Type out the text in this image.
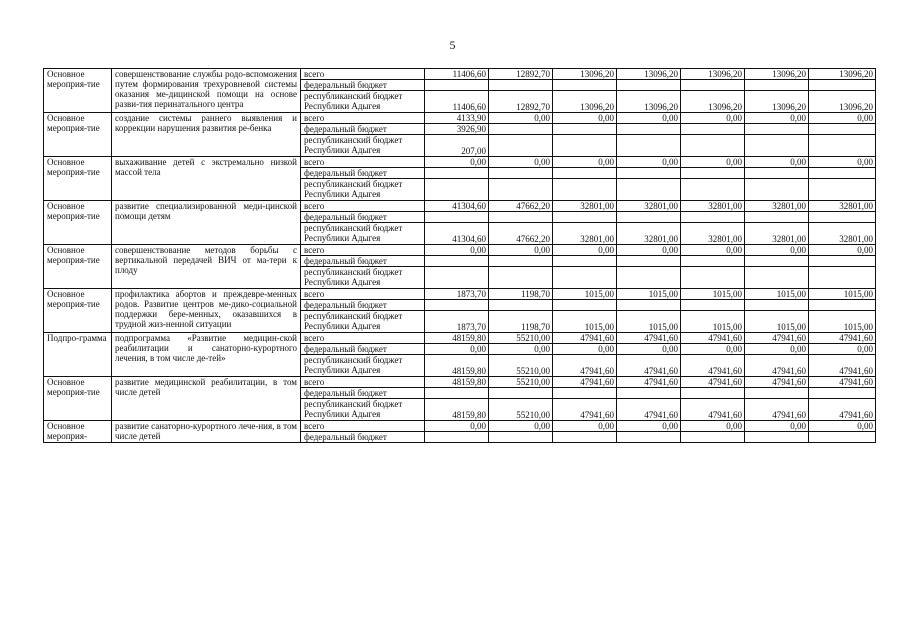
5
Основное мероприя-тие	совершенствование службы родо-вспоможения путем формирования трехуровневой системы оказания ме-дицинской помощи на основе разви-тия перинатального центра	всего	11406,60	12892,70	13096,20	13096,20	13096,20	13096,20	13096,20
		федеральный бюджет							
		республиканский бюджет Республики Адыгея	11406,60	12892,70	13096,20	13096,20	13096,20	13096,20	13096,20
Основное мероприя-тие	создание системы раннего выявления и коррекции нарушения развития ре-бенка	всего	4133,90	0,00	0,00	0,00	0,00	0,00	0,00
		федеральный бюджет	3926,90						
		республиканский бюджет Республики Адыгея	207,00						
Основное мероприя-тие	выхаживание детей с экстремально низкой массой тела	всего	0,00	0,00	0,00	0,00	0,00	0,00	0,00
		федеральный бюджет							
		республиканский бюджет Республики Адыгея							
Основное мероприя-тие	развитие специализированной меди-цинской помощи детям	всего	41304,60	47662,20	32801,00	32801,00	32801,00	32801,00	32801,00
		федеральный бюджет							
		республиканский бюджет Республики Адыгея	41304,60	47662,20	32801,00	32801,00	32801,00	32801,00	32801,00
Основное мероприя-тие	совершенствование методов борьбы с вертикальной передачей ВИЧ от ма-тери к плоду	всего	0,00	0,00	0,00	0,00	0,00	0,00	0,00
		федеральный бюджет							
		республиканский бюджет Республики Адыгея							
Основное мероприя-тие	профилактика абортов и преждевре-менных родов. Развитие центров ме-дико-социальной поддержки бере-менных, оказавшихся в трудной жиз-ненной ситуации	всего	1873,70	1198,70	1015,00	1015,00	1015,00	1015,00	1015,00
		федеральный бюджет							
		республиканский бюджет Республики Адыгея	1873,70	1198,70	1015,00	1015,00	1015,00	1015,00	1015,00
Подпро-грамма	подпрограмма «Развитие медицин-ской реабилитации и санаторно-курортного лечения, в том числе де-тей»	всего	48159,80	55210,00	47941,60	47941,60	47941,60	47941,60	47941,60
		федеральный бюджет	0,00	0,00	0,00	0,00	0,00	0,00	0,00
		республиканский бюджет Республики Адыгея	48159,80	55210,00	47941,60	47941,60	47941,60	47941,60	47941,60
Основное мероприя-тие	развитие медицинской реабилитации, в том числе детей	всего	48159,80	55210,00	47941,60	47941,60	47941,60	47941,60	47941,60
		федеральный бюджет							
		республиканский бюджет Республики Адыгея	48159,80	55210,00	47941,60	47941,60	47941,60	47941,60	47941,60
Основное мероприя-	развитие санаторно-курортного лече-ния, в том числе детей	всего	0,00	0,00	0,00	0,00	0,00	0,00	0,00
		федеральный бюджет							
